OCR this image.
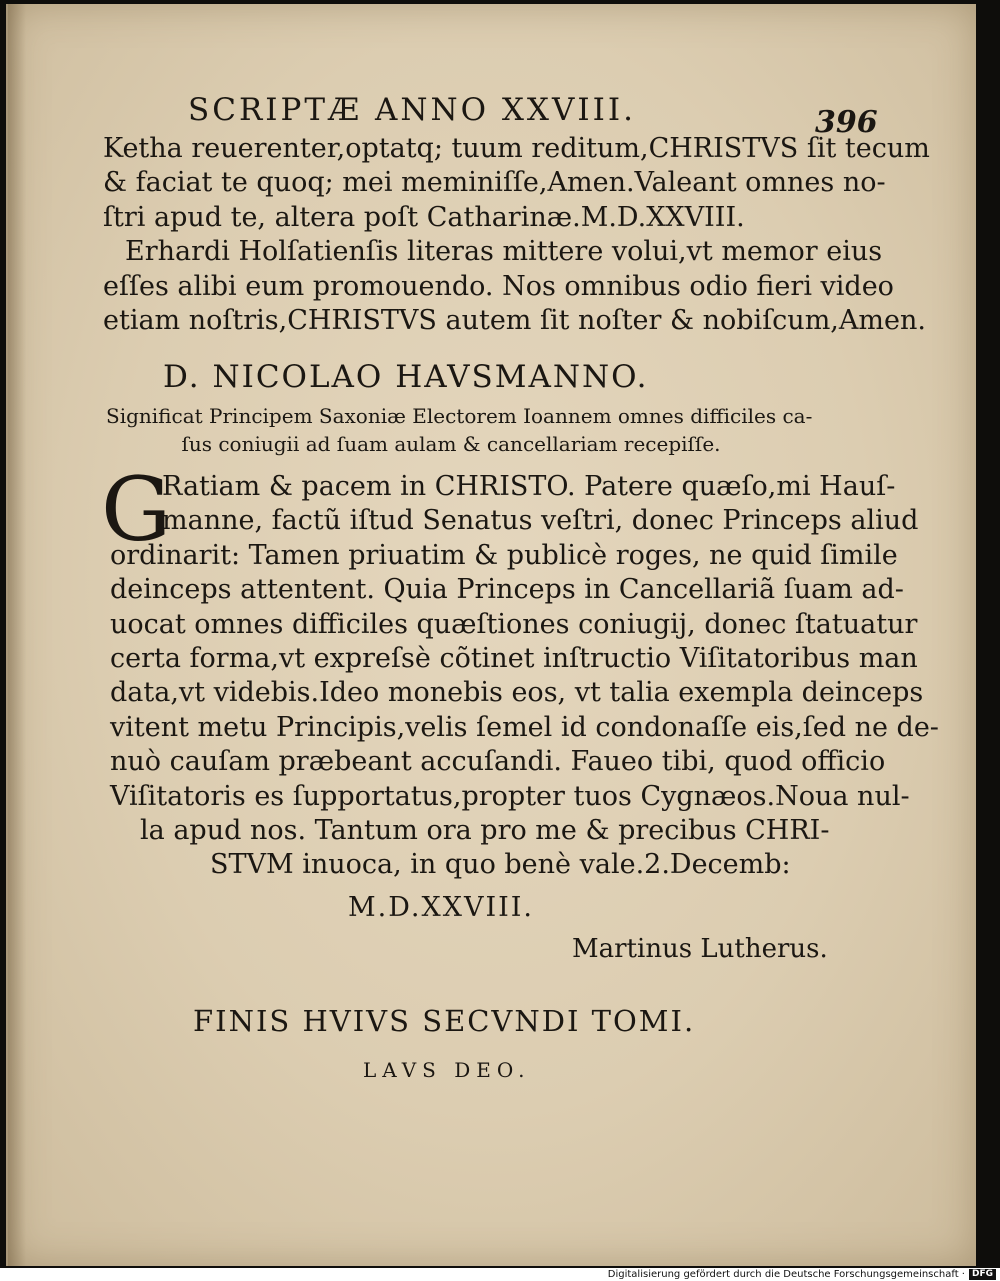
SCRIPTÆ ANNO XXVIII.	396
Ketha reuerenter,optatq; tuum reditum,CHRISTVS ſit tecum
& faciat te quoq; mei meminiſſe,Amen.Valeant omnes no-
ſtri apud te, altera poſt Catharinæ.M.D.XXVIII.
Erhardi Holſatienſis literas mittere volui,vt memor eius
eſſes alibi eum promouendo. Nos omnibus odio fieri video
etiam noſtris,CHRISTVS autem ſit noſter & nobiſcum,Amen.
D. NICOLAO HAVSMANNO.
Significat Principem Saxoniæ Electorem Ioannem omnes difficiles ca-
ſus coniugii ad ſuam aulam & cancellariam recepiſſe.
G
Ratiam & pacem in CHRISTO. Patere quæſo,mi Hauſ-
manne, factũ iſtud Senatus veſtri, donec Princeps aliud
ordinarit: Tamen priuatim & publicè roges, ne quid ſimile
deinceps attentent. Quia Princeps in Cancellariã ſuam ad-
uocat omnes difficiles quæſtiones coniugij, donec ſtatuatur
certa forma,vt expreſsè cõtinet inſtructio Viſitatoribus man
data,vt videbis.Ideo monebis eos, vt talia exempla deinceps
vitent metu Principis,velis ſemel id condonaſſe eis,ſed ne de-
nuò cauſam præbeant accuſandi. Faueo tibi, quod officio
Viſitatoris es ſupportatus,propter tuos Cygnæos.Noua nul-
la apud nos. Tantum ora pro me & precibus CHRI-
STVM inuoca, in quo benè vale.2.Decemb:
M.D.XXVIII.
Martinus Lutherus.
FINIS HVIVS SECVNDI TOMI.
LAVS DEO.
Digitalisierung gefördert durch die Deutsche Forschungsgemeinschaft · DFG
